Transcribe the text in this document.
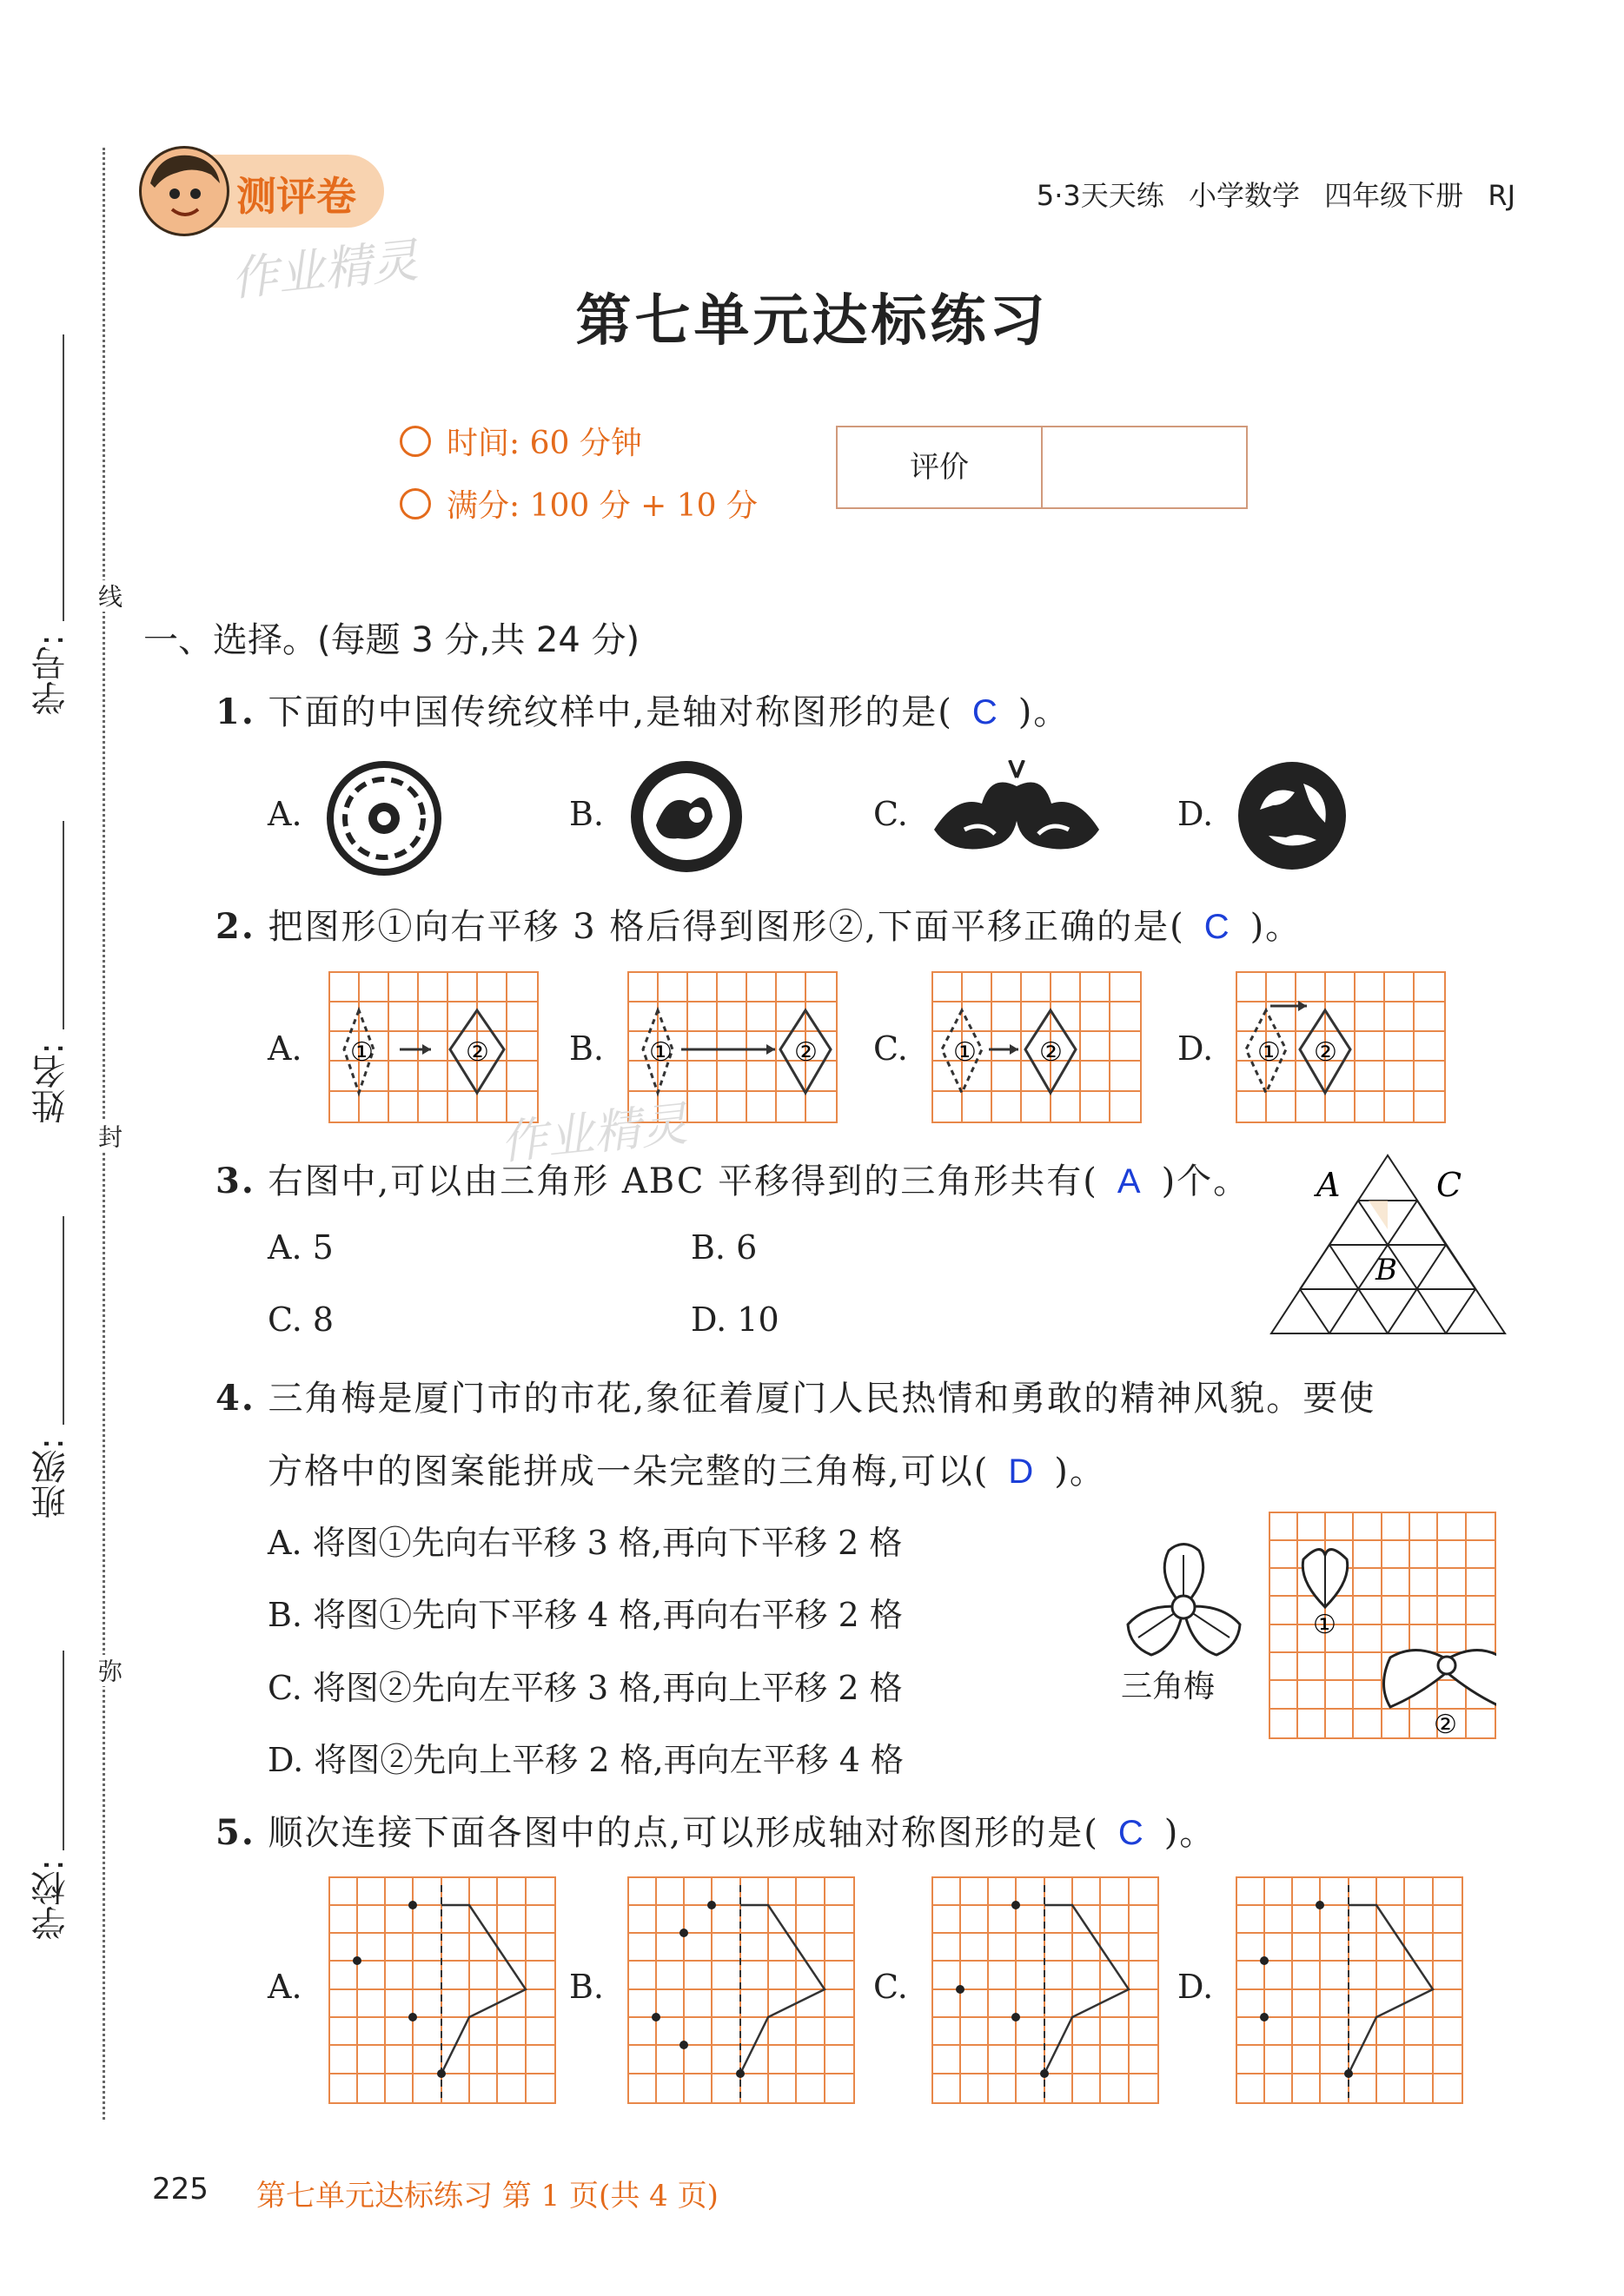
学校:
班级:
姓名:
学号:
线
封
弥
测评卷
作业精灵
5·3天天练 小学数学 四年级下册 RJ
第七单元达标练习
时间: 60 分钟
满分: 100 分 + 10 分
评价
一、选择。(每题 3 分,共 24 分)
1. 下面的中国传统纹样中,是轴对称图形的是( C )。
A.	B.	C.	D.
2. 把图形①向右平移 3 格后得到图形②,下面平移正确的是( C )。
A.	B.	C.	D.
①	②	①	②	① ②	① ②
作业精灵
3. 右图中,可以由三角形 ABC 平移得到的三角形共有( A )个。
A. 5	B. 6
C. 8	D. 10
A	C
B
4. 三角梅是厦门市的市花,象征着厦门人民热情和勇敢的精神风貌。要使
方格中的图案能拼成一朵完整的三角梅,可以( D )。
A. 将图①先向右平移 3 格,再向下平移 2 格
B. 将图①先向下平移 4 格,再向右平移 2 格
C. 将图②先向左平移 3 格,再向上平移 2 格
D. 将图②先向上平移 2 格,再向左平移 4 格
三角梅
①
②
5. 顺次连接下面各图中的点,可以形成轴对称图形的是( C )。
A.	B.	C.	D.
225 第七单元达标练习 第 1 页(共 4 页)
